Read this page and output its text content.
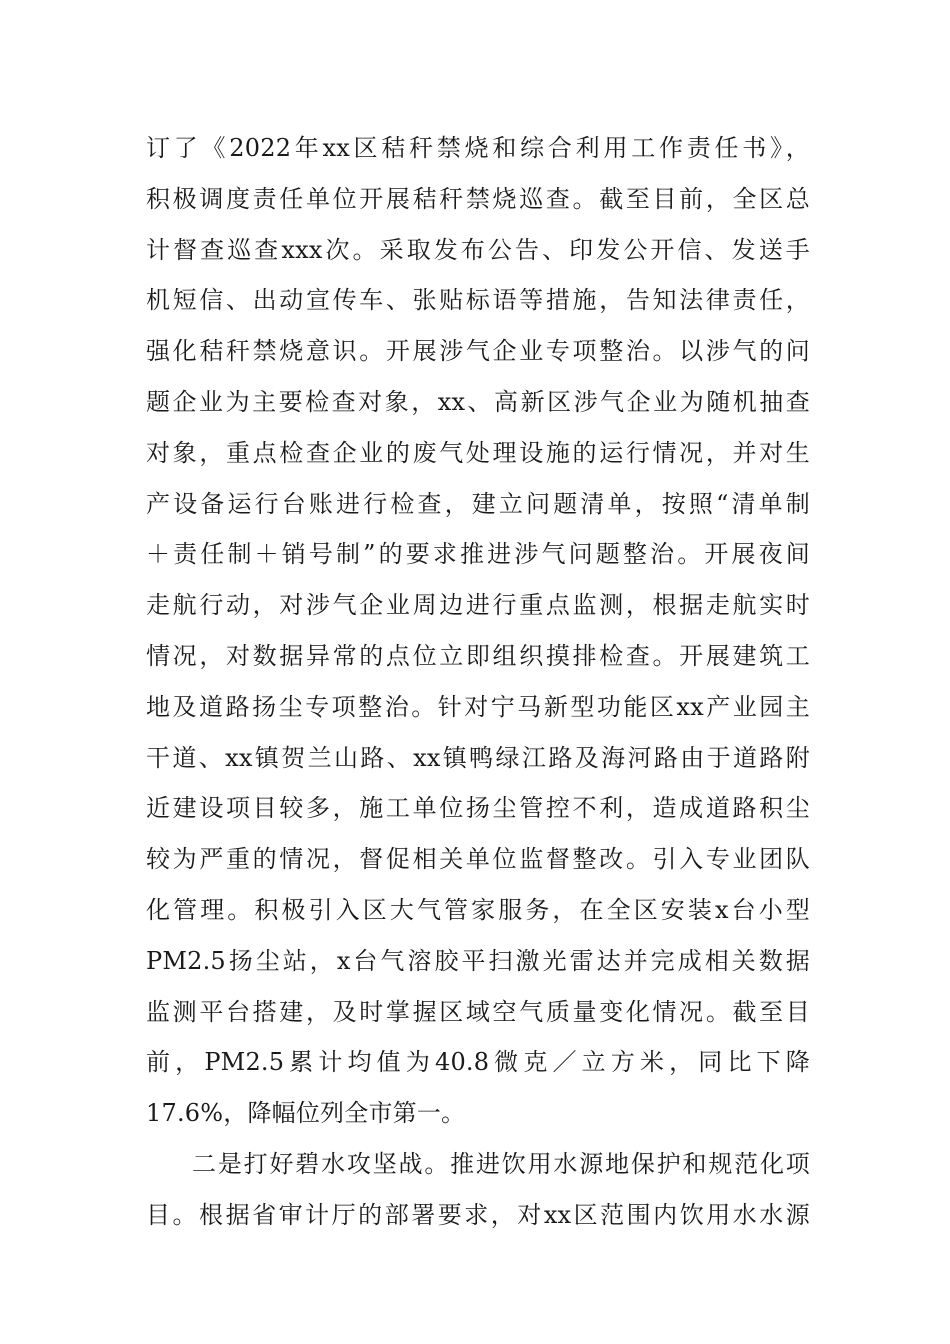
订了《2022年xx区秸秆禁烧和综合利用工作责任书》，
积极调度责任单位开展秸秆禁烧巡查。截至目前，全区总
计督查巡查xxx次。采取发布公告、印发公开信、发送手
机短信、出动宣传车、张贴标语等措施，告知法律责任，
强化秸秆禁烧意识。开展涉气企业专项整治。以涉气的问
题企业为主要检查对象，xx、高新区涉气企业为随机抽查
对象，重点检查企业的废气处理设施的运行情况，并对生
产设备运行台账进行检查，建立问题清单，按照“清单制
＋责任制＋销号制”的要求推进涉气问题整治。开展夜间
走航行动，对涉气企业周边进行重点监测，根据走航实时
情况，对数据异常的点位立即组织摸排检查。开展建筑工
地及道路扬尘专项整治。针对宁马新型功能区xx产业园主
干道、xx镇贺兰山路、xx镇鸭绿江路及海河路由于道路附
近建设项目较多，施工单位扬尘管控不利，造成道路积尘
较为严重的情况，督促相关单位监督整改。引入专业团队
化管理。积极引入区大气管家服务，在全区安装x台小型
PM2.5扬尘站，x台气溶胶平扫激光雷达并完成相关数据
监测平台搭建，及时掌握区域空气质量变化情况。截至目
前，PM2.5累计均值为40.8微克／立方米，同比下降
17.6%，降幅位列全市第一。
二是打好碧水攻坚战。推进饮用水源地保护和规范化项
目。根据省审计厅的部署要求，对xx区范围内饮用水水源
